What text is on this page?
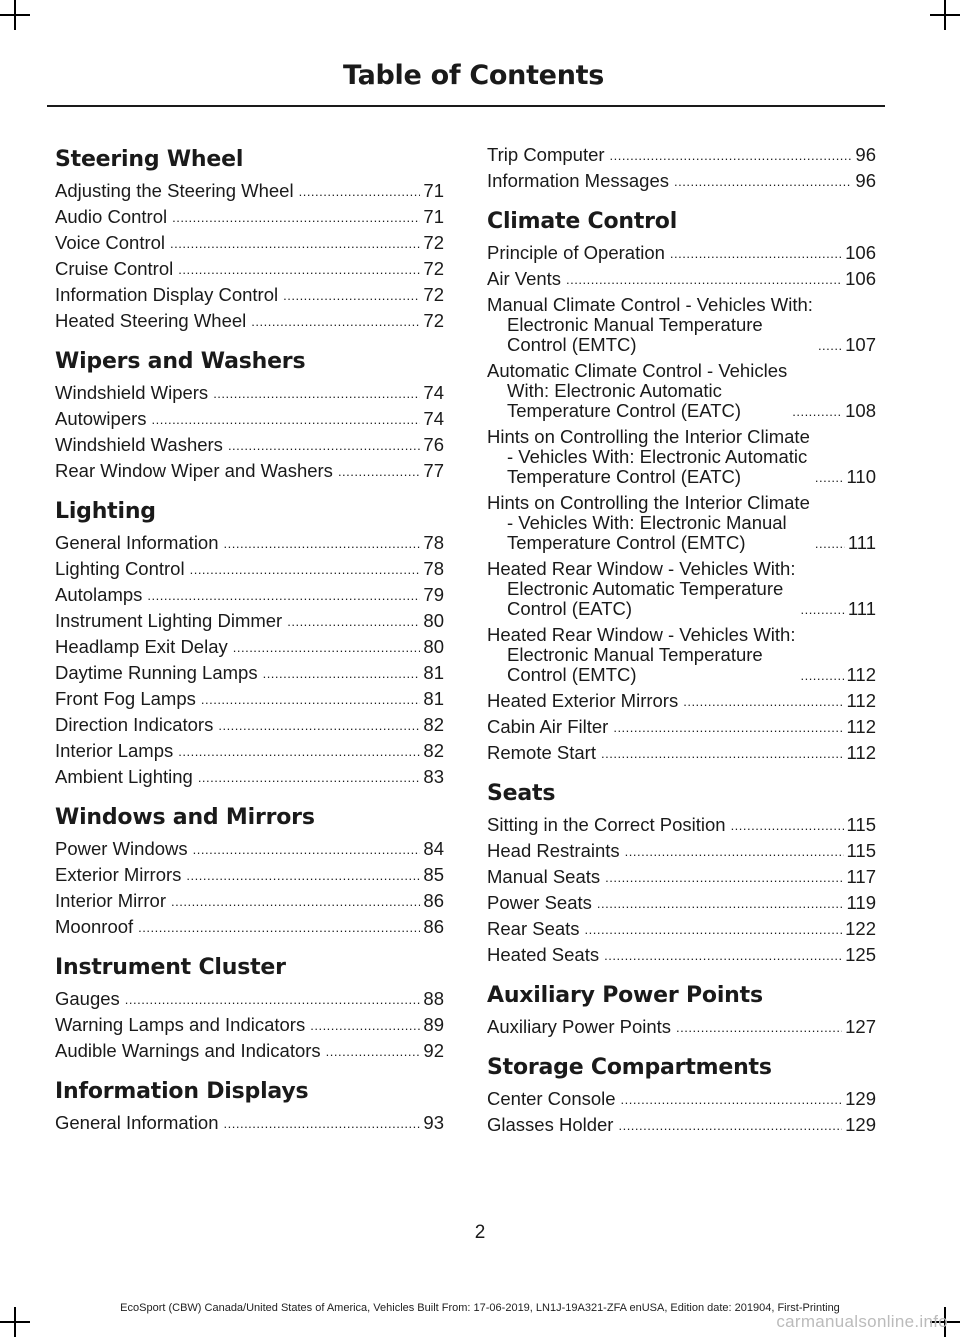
Table of Contents
Steering Wheel
Adjusting the Steering Wheel .....	71
Audio Control .....	71
Voice Control .....	72
Cruise Control .....	72
Information Display Control .....	72
Heated Steering Wheel .....	72
Wipers and Washers
Windshield Wipers .....	74
Autowipers .....	74
Windshield Washers .....	76
Rear Window Wiper and Washers .....	77
Lighting
General Information .....	78
Lighting Control .....	78
Autolamps .....	79
Instrument Lighting Dimmer .....	80
Headlamp Exit Delay .....	80
Daytime Running Lamps .....	81
Front Fog Lamps .....	81
Direction Indicators .....	82
Interior Lamps .....	82
Ambient Lighting .....	83
Windows and Mirrors
Power Windows .....	84
Exterior Mirrors .....	85
Interior Mirror .....	86
Moonroof .....	86
Instrument Cluster
Gauges .....	88
Warning Lamps and Indicators .....	89
Audible Warnings and Indicators .....	92
Information Displays
General Information .....	93
Trip Computer .....	96
Information Messages .....	96
Climate Control
Principle of Operation .....	106
Air Vents .....	106
Manual Climate Control - Vehicles With:
Electronic Manual Temperature
Control (EMTC) .....	107
Automatic Climate Control - Vehicles
With: Electronic Automatic
Temperature Control (EATC) .....	108
Hints on Controlling the Interior Climate
- Vehicles With: Electronic Automatic
Temperature Control (EATC) .....	110
Hints on Controlling the Interior Climate
- Vehicles With: Electronic Manual
Temperature Control (EMTC) .....	111
Heated Rear Window - Vehicles With:
Electronic Automatic Temperature
Control (EATC) .....	111
Heated Rear Window - Vehicles With:
Electronic Manual Temperature
Control (EMTC) .....	112
Heated Exterior Mirrors .....	112
Cabin Air Filter .....	112
Remote Start .....	112
Seats
Sitting in the Correct Position .....	115
Head Restraints .....	115
Manual Seats .....	117
Power Seats .....	119
Rear Seats .....	122
Heated Seats .....	125
Auxiliary Power Points
Auxiliary Power Points .....	127
Storage Compartments
Center Console .....	129
Glasses Holder .....	129
2
EcoSport (CBW) Canada/United States of America, Vehicles Built From: 17-06-2019, LN1J-19A321-ZFA enUSA, Edition date: 201904, First-Printing
carmanualsonline.info
